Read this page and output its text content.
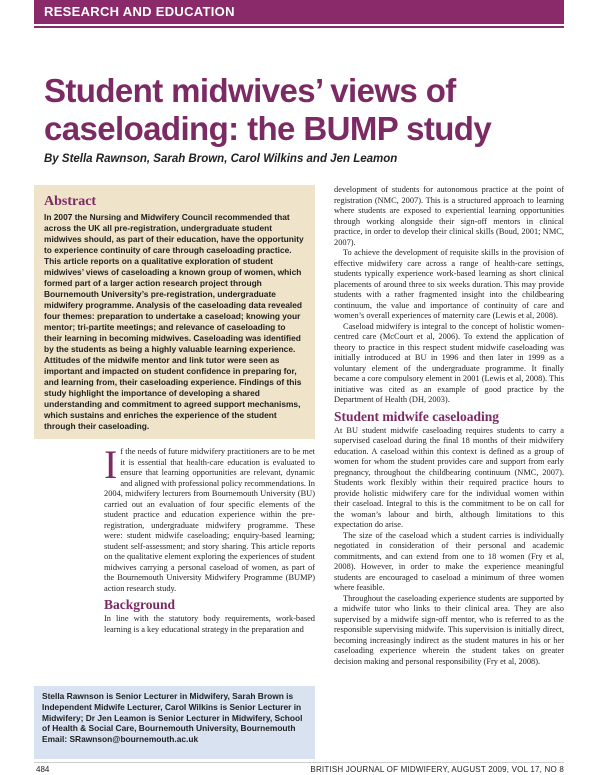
RESEARCH AND EDUCATION
Student midwives’ views of caseloading: the BUMP study
By Stella Rawnson, Sarah Brown, Carol Wilkins and Jen Leamon
Abstract

In 2007 the Nursing and Midwifery Council recommended that across the UK all pre-registration, undergraduate student midwives should, as part of their education, have the opportunity to experience continuity of care through caseloading practice. This article reports on a qualitative exploration of student midwives’ views of caseloading a known group of women, which formed part of a larger action research project through Bournemouth University’s pre-registration, undergraduate midwifery programme. Analysis of the caseloading data revealed four themes: preparation to undertake a caseload; knowing your mentor; tri-partite meetings; and relevance of caseloading to their learning in becoming midwives. Caseloading was identified by the students as being a highly valuable learning experience. Attitudes of the midwife mentor and link tutor were seen as important and impacted on student confidence in preparing for, and learning from, their caseloading experience. Findings of this study highlight the importance of developing a shared understanding and commitment to agreed support mechanisms, which sustains and enriches the experience of the student through their caseloading.

If the needs of future midwifery practitioners are to be met it is essential that health-care education is evaluated to ensure that learning opportunities are relevant, dynamic and aligned with professional policy recommendations. In 2004, midwifery lecturers from Bournemouth University (BU) carried out an evaluation of four specific elements of the student practice and education experience within the pre-registration, undergraduate midwifery programme. These were: student midwife caseloading; enquiry-based learning; student self-assessment; and story sharing. This article reports on the qualitative element exploring the experiences of student midwives carrying a personal caseload of women, as part of the Bournemouth University Midwifery Programme (BUMP) action research study.

Background

In line with the statutory body requirements, work-based learning is a key educational strategy in the preparation and

development of students for autonomous practice at the point of registration (NMC, 2007). This is a structured approach to learning where students are exposed to experiential learning opportunities through working alongside their sign-off mentors in clinical practice, in order to develop their clinical skills (Boud, 2001; NMC, 2007).

To achieve the development of requisite skills in the provision of effective midwifery care across a range of health-care settings, students typically experience work-based learning as short clinical placements of around three to six weeks duration. This may provide students with a rather fragmented insight into the childbearing continuum, the value and importance of continuity of care and women’s overall experiences of maternity care (Lewis et al, 2008).

Caseload midwifery is integral to the concept of holistic women-centred care (McCourt et al, 2006). To extend the application of theory to practice in this respect student midwife caseloading was initially introduced at BU in 1996 and then later in 1999 as a voluntary element of the undergraduate programme. It finally became a core compulsory element in 2001 (Lewis et al, 2008). This initiative was cited as an example of good practice by the Department of Health (DH, 2003).

Student midwife caseloading

At BU student midwife caseloading requires students to carry a supervised caseload during the final 18 months of their midwifery education. A caseload within this context is defined as a group of women for whom the student provides care and support from early pregnancy, throughout the childbearing continuum (NMC, 2007). Students work flexibly within their required practice hours to provide holistic midwifery care for the individual women within their caseload. Integral to this is the commitment to be on call for the woman’s labour and birth, although limitations to this expectation do arise.

The size of the caseload which a student carries is individually negotiated in consideration of their personal and academic commitments, and can extend from one to 18 women (Fry et al, 2008). However, in order to make the experience meaningful students are encouraged to caseload a minimum of three women where feasible.

Throughout the caseloading experience students are supported by a midwife tutor who links to their clinical area. They are also supervised by a midwife sign-off mentor, who is referred to as the responsible supervising midwife. This supervision is initially direct, becoming increasingly indirect as the student matures in his or her caseloading experience wherein the student takes on greater decision making and personal responsibility (Fry et al, 2008).

Stella Rawnson is Senior Lecturer in Midwifery, Sarah Brown is Independent Midwife Lecturer, Carol Wilkins is Senior Lecturer in Midwifery; Dr Jen Leamon is Senior Lecturer in Midwifery, School of Health & Social Care, Bournemouth University, Bournemouth Email: SRawnson@bournemouth.ac.uk

484	BRITISH JOURNAL OF MIDWIFERY, AUGUST 2009, VOL 17, NO 8
